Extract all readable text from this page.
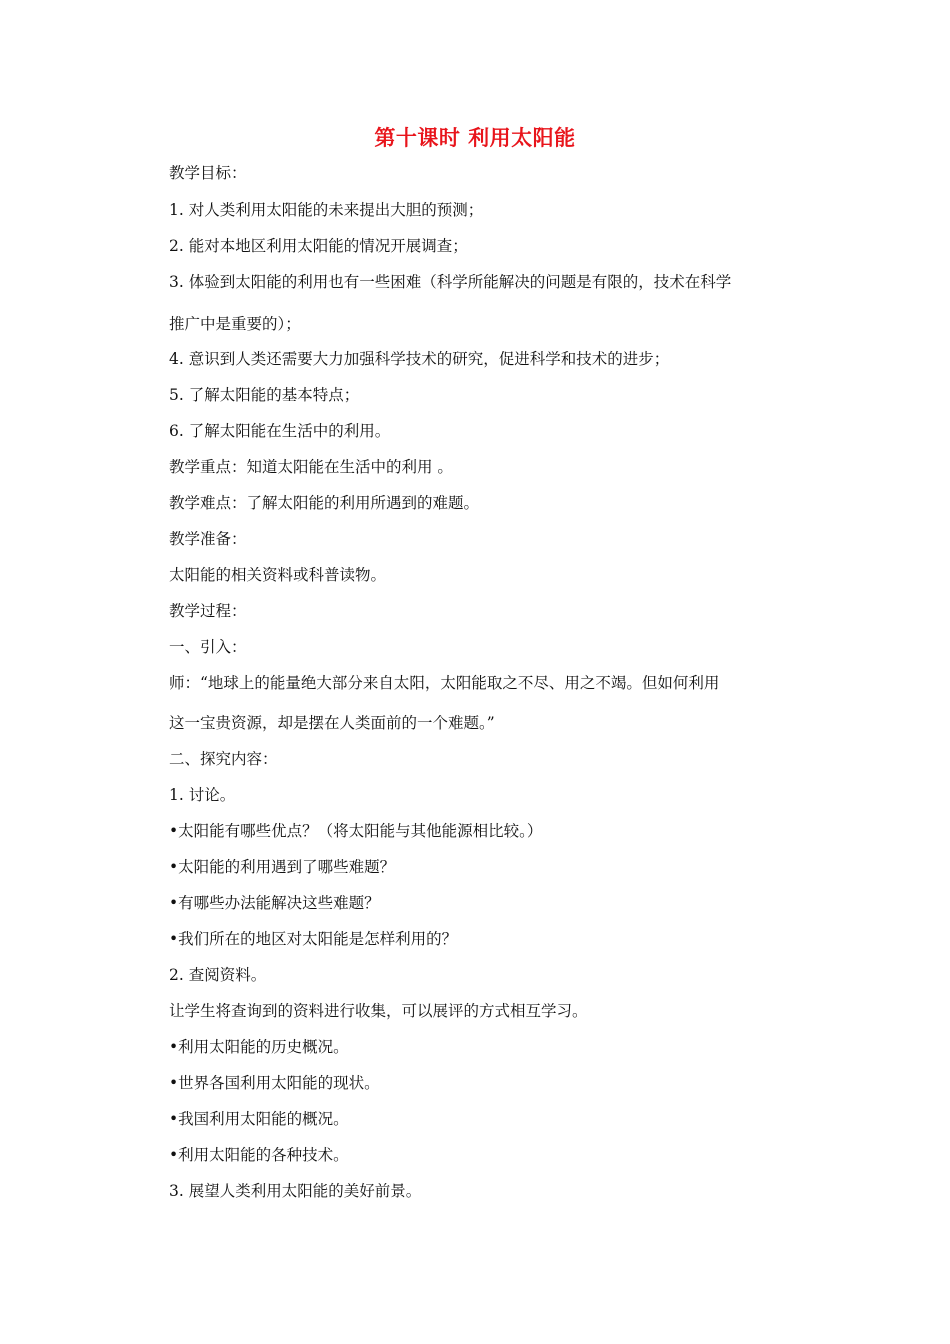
第十课时 利用太阳能
教学目标：
1. 对人类利用太阳能的未来提出大胆的预测；
2. 能对本地区利用太阳能的情况开展调查；
3. 体验到太阳能的利用也有一些困难（科学所能解决的问题是有限的，技术在科学
推广中是重要的）；
4. 意识到人类还需要大力加强科学技术的研究，促进科学和技术的进步；
5. 了解太阳能的基本特点；
6. 了解太阳能在生活中的利用。
教学重点：知道太阳能在生活中的利用 。
教学难点：了解太阳能的利用所遇到的难题。
教学准备：
太阳能的相关资料或科普读物。
教学过程：
一、引入：
师：“地球上的能量绝大部分来自太阳，太阳能取之不尽、用之不竭。但如何利用
这一宝贵资源，却是摆在人类面前的一个难题。”
二、探究内容：
1. 讨论。
•太阳能有哪些优点？（将太阳能与其他能源相比较。）
•太阳能的利用遇到了哪些难题？
•有哪些办法能解决这些难题？
•我们所在的地区对太阳能是怎样利用的？
2. 查阅资料。
让学生将查询到的资料进行收集，可以展评的方式相互学习。
•利用太阳能的历史概况。
•世界各国利用太阳能的现状。
•我国利用太阳能的概况。
•利用太阳能的各种技术。
3. 展望人类利用太阳能的美好前景。
